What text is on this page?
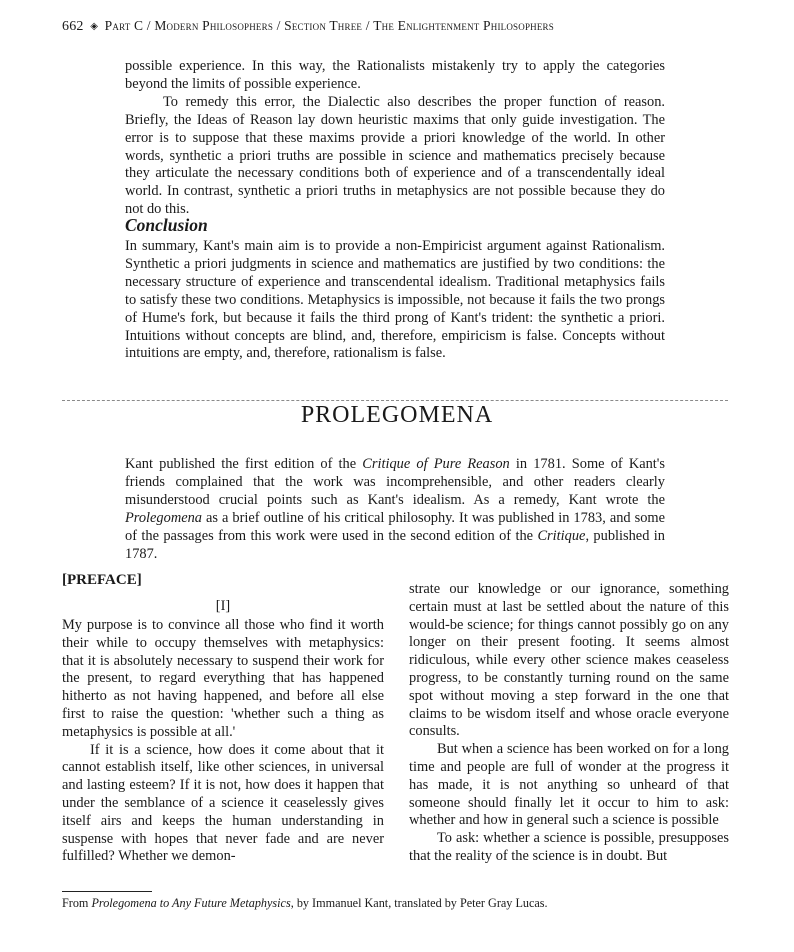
662 ◈ Part C / Modern Philosophers / Section Three / The Enlightenment Philosophers

possible experience. In this way, the Rationalists mistakenly try to apply the categories beyond the limits of possible experience.

To remedy this error, the Dialectic also describes the proper function of reason. Briefly, the Ideas of Reason lay down heuristic maxims that only guide investigation. The error is to suppose that these maxims provide a priori knowledge of the world. In other words, synthetic a priori truths are possible in science and mathematics precisely because they articulate the necessary conditions both of experience and of a transcendentally ideal world. In contrast, synthetic a priori truths in metaphysics are not possible because they do not do this.

Conclusion

In summary, Kant's main aim is to provide a non-Empiricist argument against Rationalism. Synthetic a priori judgments in science and mathematics are justified by two conditions: the necessary structure of experience and transcendental idealism. Traditional metaphysics fails to satisfy these two conditions. Metaphysics is impossible, not because it fails the two prongs of Hume's fork, but because it fails the third prong of Kant's trident: the synthetic a priori. Intuitions without concepts are blind, and, therefore, empiricism is false. Concepts without intuitions are empty, and, therefore, rationalism is false.

PROLEGOMENA

Kant published the first edition of the Critique of Pure Reason in 1781. Some of Kant's friends complained that the work was incomprehensible, and other readers clearly misunderstood crucial points such as Kant's idealism. As a remedy, Kant wrote the Prolegomena as a brief outline of his critical philosophy. It was published in 1783, and some of the passages from this work were used in the second edition of the Critique, published in 1787.

[PREFACE]
[I]

My purpose is to convince all those who find it worth their while to occupy themselves with metaphysics: that it is absolutely necessary to suspend their work for the present, to regard everything that has happened hitherto as not having happened, and before all else first to raise the question: 'whether such a thing as metaphysics is possible at all.'

If it is a science, how does it come about that it cannot establish itself, like other sciences, in universal and lasting esteem? If it is not, how does it happen that under the semblance of a science it ceaselessly gives itself airs and keeps the human understanding in suspense with hopes that never fade and are never fulfilled? Whether we demon-

strate our knowledge or our ignorance, something certain must at last be settled about the nature of this would-be science; for things cannot possibly go on any longer on their present footing. It seems almost ridiculous, while every other science makes ceaseless progress, to be constantly turning round on the same spot without moving a step forward in the one that claims to be wisdom itself and whose oracle everyone consults.

But when a science has been worked on for a long time and people are full of wonder at the progress it has made, it is not anything so unheard of that someone should finally let it occur to him to ask: whether and how in general such a science is possible

To ask: whether a science is possible, presupposes that the reality of the science is in doubt. But

From Prolegomena to Any Future Metaphysics, by Immanuel Kant, translated by Peter Gray Lucas.
